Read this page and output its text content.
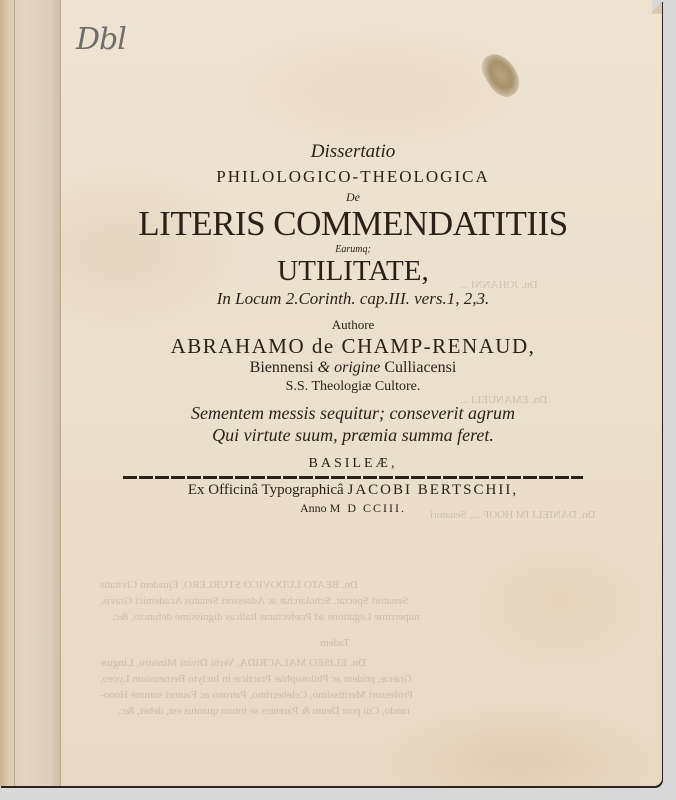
Dbl
Dn. JOHANNI ...
Dn. EMANUELI ...
Dn. DANIELI IM HOOF ..., Senatori
Dn. BEATO LUDOVICO STURLERO, Ejusdem Civitatis
Senatori Spectat. Scholarchæ ac Adsessori Senatus Academici Gravis,
nuperrime Legatione ad Præfecturas Italicas dignissimè defuncto, &c.
Tadem
Dn. ELISEO MALACRIDA, Verbi Divini Ministro, Linguæ
Græcæ, pridem ac Philosophiæ Practicæ in Inclyto Bernensium Lyceo,
Professori Meritissimo, Celeberrimo, Patrono ac Fautori summè Hono-
rando, Cui post Deum & Parentes se totum quantus est, debet, &c.
Dissertatio
PHILOLOGICO-THEOLOGICA
De
LITERIS COMMENDATITIIS
Earumq;
UTILITATE,
In Locum 2.Corinth. cap.III. vers.1, 2,3.
Authore
ABRAHAMO de CHAMP-RENAUD,
Biennensi & origine Culliacensi
S.S. Theologiæ Cultore.
Sementem messis sequitur; conseverit agrum
Qui virtute suum, præmia summa feret.
BASILEÆ,
Ex Officinâ Typographicâ JACOBI BERTSCHII,
Anno M D CCIII.
